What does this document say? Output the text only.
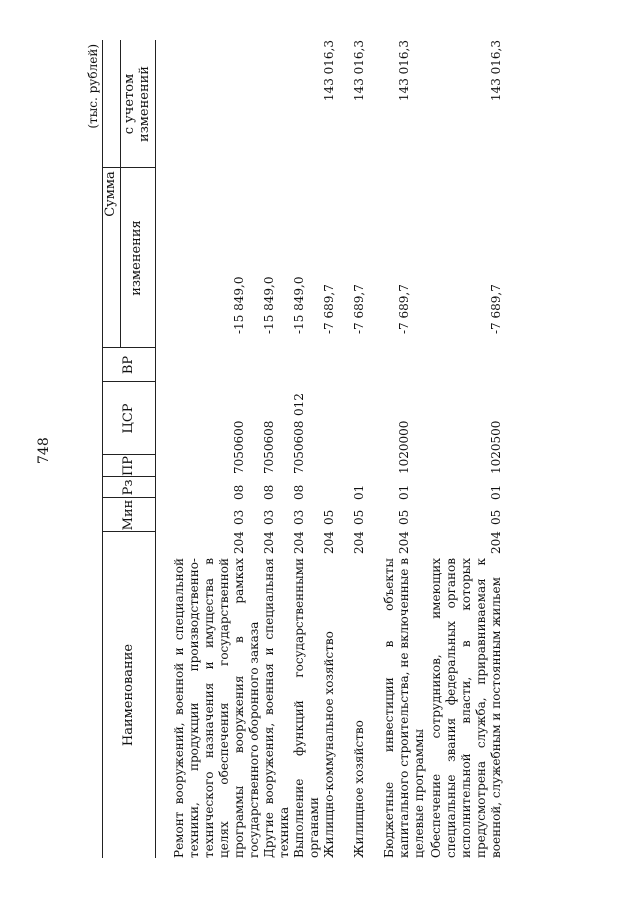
748
(тыс. рублей)
Наименование
Мин
Рз
ПР
ЦСР
ВР
Сумма
изменения
с учетом изменений
Ремонт вооружений, военной и специальной техники, продукции производственно-технического назначения и имущества в целях обеспечения государственной программы вооружения в рамках государственного оборонного заказа
204
03
08
7050600
-15 849,0
Другие вооружения, военная и специальная техника
204
03
08
7050608
-15 849,0
Выполнение функций государственными органами
204
03
08
7050608
012
-15 849,0
Жилищно-коммунальное хозяйство
204
05
-7 689,7
143 016,3
Жилищное хозяйство
204
05
01
-7 689,7
143 016,3
Бюджетные инвестиции в объекты капитального строительства, не включенные в целевые программы
204
05
01
1020000
-7 689,7
143 016,3
Обеспечение сотрудников, имеющих специальные звания федеральных органов исполнительной власти, в которых предусмотрена служба, приравниваемая к военной, служебным и постоянным жильем
204
05
01
1020500
-7 689,7
143 016,3
